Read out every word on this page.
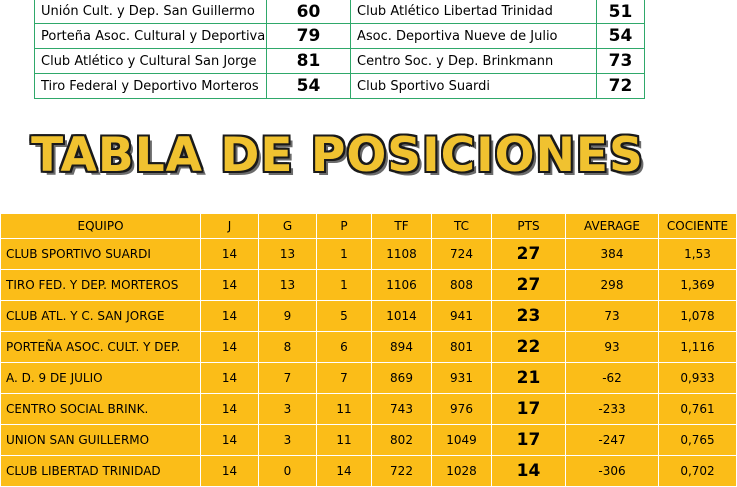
Unión Cult. y Dep. San Guillermo	60	Club Atlético Libertad Trinidad	51
Porteña Asoc. Cultural y Deportiva	79	Asoc. Deportiva Nueve de Julio	54
Club Atlético y Cultural San Jorge	81	Centro Soc. y Dep. Brinkmann	73
Tiro Federal y Deportivo Morteros	54	Club Sportivo Suardi	72
TABLA DE POSICIONES
EQUIPO	J	G	P	TF	TC	PTS	AVERAGE	COCIENTE
CLUB SPORTIVO SUARDI	14	13	1	1108	724	27	384	1,53
TIRO FED. Y DEP. MORTEROS	14	13	1	1106	808	27	298	1,369
CLUB ATL. Y C. SAN JORGE	14	9	5	1014	941	23	73	1,078
PORTEÑA ASOC. CULT. Y DEP.	14	8	6	894	801	22	93	1,116
A. D. 9 DE JULIO	14	7	7	869	931	21	-62	0,933
CENTRO SOCIAL BRINK.	14	3	11	743	976	17	-233	0,761
UNION SAN GUILLERMO	14	3	11	802	1049	17	-247	0,765
CLUB LIBERTAD TRINIDAD	14	0	14	722	1028	14	-306	0,702
